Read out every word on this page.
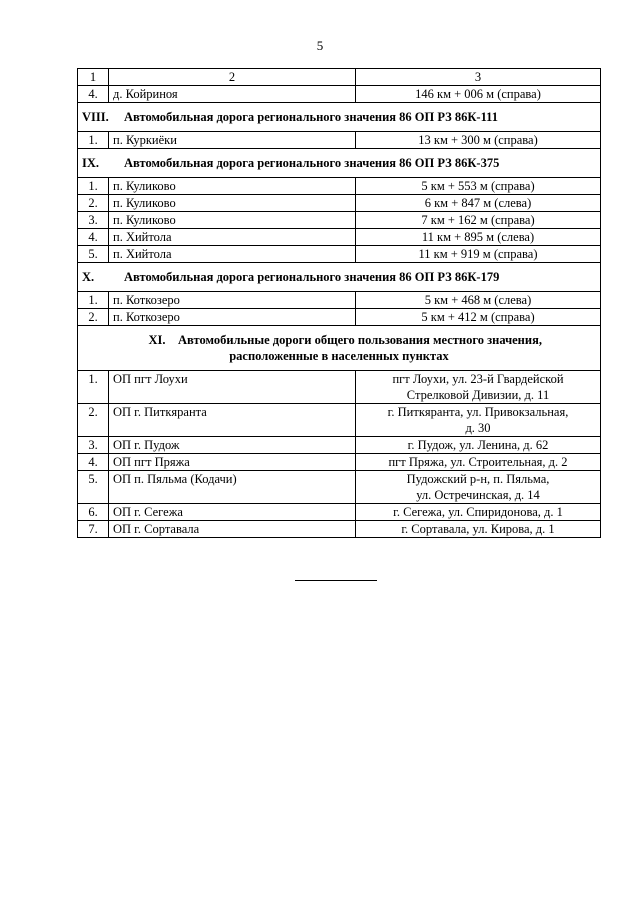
5
1	2	3
4.	д. Койриноя	146 км + 006 м (справа)
VIII. Автомобильная дорога регионального значения 86 ОП РЗ 86К-111		
1.	п. Куркиёки	13 км + 300 м (справа)
IX. Автомобильная дорога регионального значения 86 ОП РЗ 86К-375		
1.	п. Куликово	5 км + 553 м (справа)
2.	п. Куликово	6 км + 847 м (слева)
3.	п. Куликово	7 км + 162 м (справа)
4.	п. Хийтола	11 км + 895 м (слева)
5.	п. Хийтола	11 км + 919 м (справа)
X. Автомобильная дорога регионального значения 86 ОП РЗ 86К-179		
1.	п. Коткозеро	5 км + 468 м (слева)
2.	п. Коткозеро	5 км + 412 м (справа)
XI. Автомобильные дороги общего пользования местного значения,
расположенные в населенных пунктах		
1.	ОП пгт Лоухи	пгт Лоухи, ул. 23-й Гвардейской
Стрелковой Дивизии, д. 11
2.	ОП г. Питкяранта	г. Питкяранта, ул. Привокзальная,
д. 30
3.	ОП г. Пудож	г. Пудож, ул. Ленина, д. 62
4.	ОП пгт Пряжа	пгт Пряжа, ул. Строительная, д. 2
5.	ОП п. Пяльма (Кодачи)	Пудожский р-н, п. Пяльма,
ул. Остречинская, д. 14
6.	ОП г. Сегежа	г. Сегежа, ул. Спиридонова, д. 1
7.	ОП г. Сортавала	г. Сортавала, ул. Кирова, д. 1
